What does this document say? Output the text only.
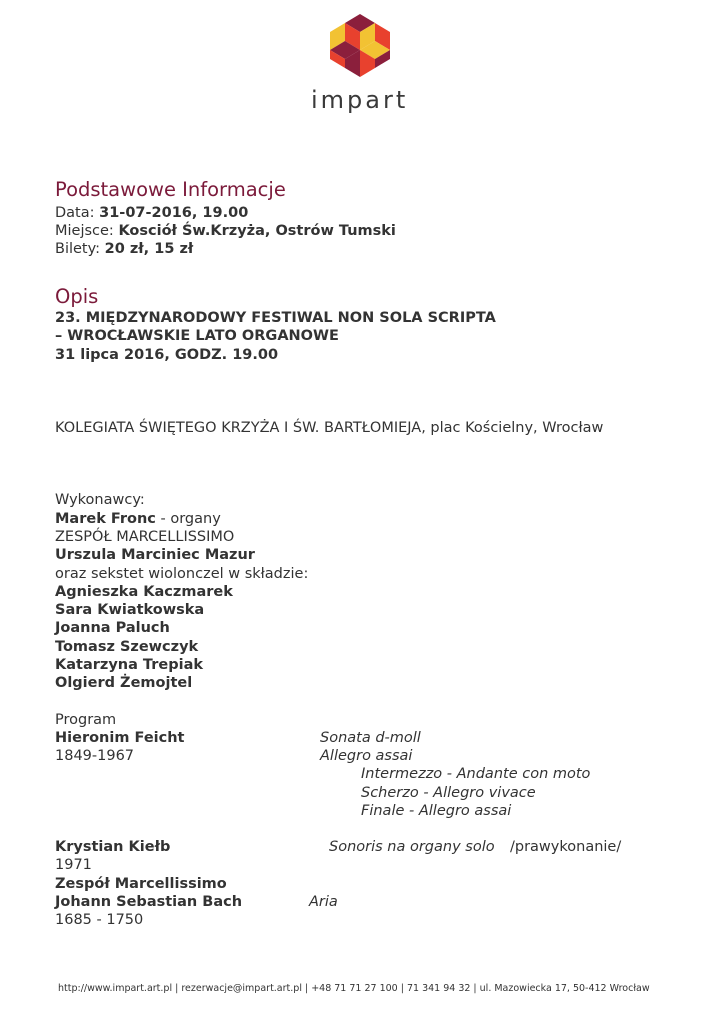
impart
Podstawowe Informacje
Data: 31-07-2016, 19.00
Miejsce: Kosciół Św.Krzyża, Ostrów Tumski
Bilety: 20 zł, 15 zł
Opis
23. MIĘDZYNARODOWY FESTIWAL NON SOLA SCRIPTA
– WROCŁAWSKIE LATO ORGANOWE
31 lipca 2016, GODZ. 19.00
KOLEGIATA ŚWIĘTEGO KRZYŻA I ŚW. BARTŁOMIEJA, plac Kościelny, Wrocław
Wykonawcy:
Marek Fronc - organy
ZESPÓŁ MARCELLISSIMO
Urszula Marciniec Mazur
oraz sekstet wiolonczel w składzie:
Agnieszka Kaczmarek
Sara Kwiatkowska
Joanna Paluch
Tomasz Szewczyk
Katarzyna Trepiak
Olgierd Żemojtel
Program
Hieronim Feicht
1849-1967
Sonata d-moll
Allegro assai
Intermezzo - Andante con moto
Scherzo - Allegro vivace
Finale - Allegro assai
Krystian Kiełb	Sonoris na organy solo /prawykonanie/
1971
Zespół Marcellissimo
Johann Sebastian Bach	Aria
1685 - 1750
http://www.impart.art.pl | rezerwacje@impart.art.pl | +48 71 71 27 100 | 71 341 94 32 | ul. Mazowiecka 17, 50-412 Wrocław
